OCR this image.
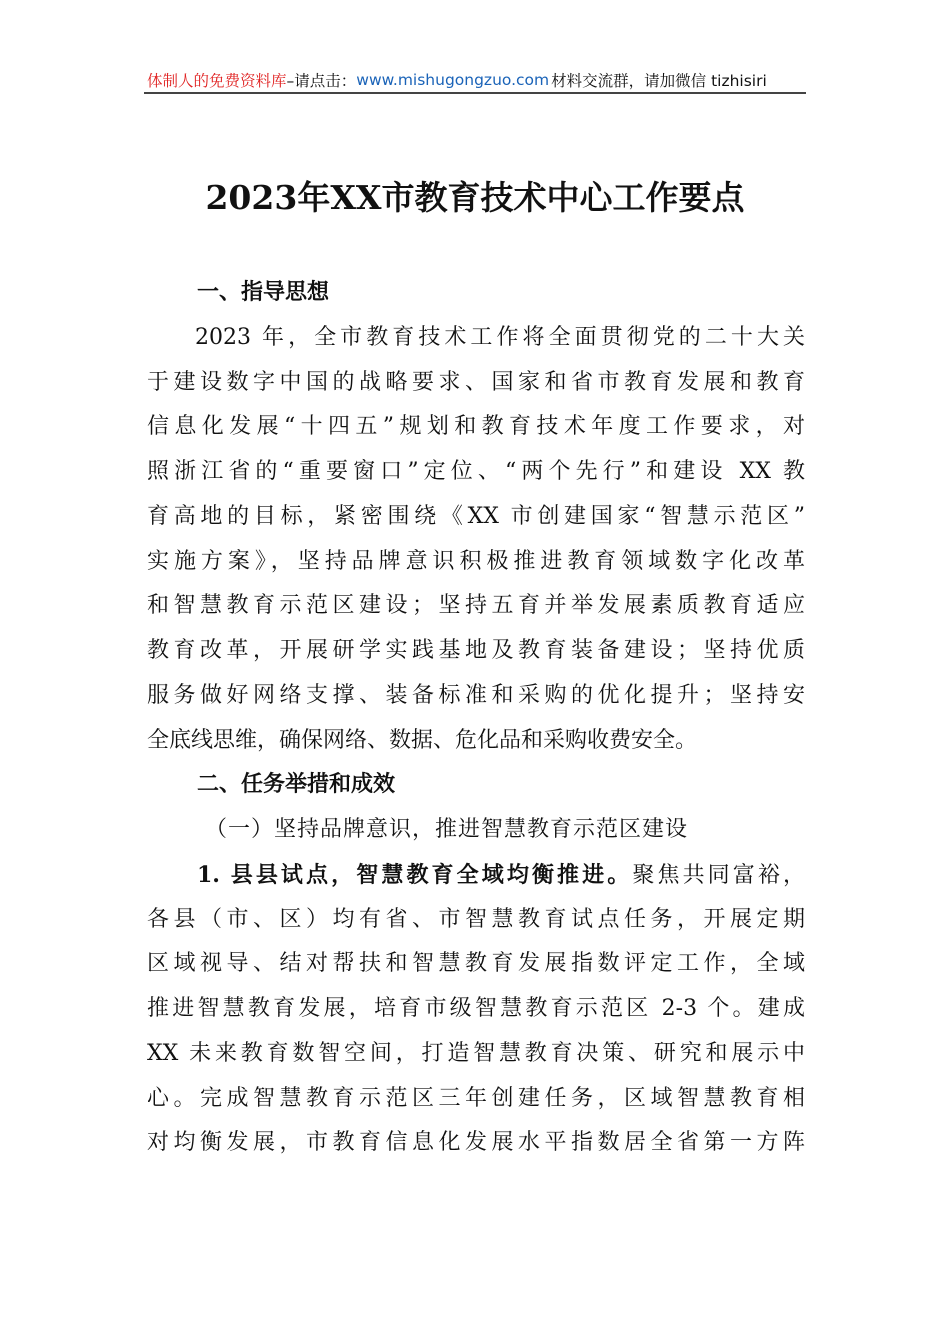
体制人的免费资料库 –请点击： www.mishugongzuo.com 材料交流群，请加微信 tizhisiri
2023年XX市教育技术中心工作要点
一、指导思想
2023 年，全市教育技术工作将全面贯彻党的二十大关
于建设数字中国的战略要求、国家和省市教育发展和教育
信息化发展“十四五”规划和教育技术年度工作要求，对
照浙江省的“重要窗口”定位、“两个先行”和建设 XX 教
育高地的目标，紧密围绕《XX 市创建国家“智慧示范区”
实施方案》，坚持品牌意识积极推进教育领域数字化改革
和智慧教育示范区建设；坚持五育并举发展素质教育适应
教育改革，开展研学实践基地及教育装备建设；坚持优质
服务做好网络支撑、装备标准和采购的优化提升；坚持安
全底线思维，确保网络、数据、危化品和采购收费安全。
二、任务举措和成效
（一）坚持品牌意识，推进智慧教育示范区建设
1. 县县试点，智慧教育全域均衡推进。聚焦共同富裕，
各县（市、区）均有省、市智慧教育试点任务，开展定期
区域视导、结对帮扶和智慧教育发展指数评定工作，全域
推进智慧教育发展，培育市级智慧教育示范区 2-3 个。建成
XX 未来教育数智空间，打造智慧教育决策、研究和展示中
心。完成智慧教育示范区三年创建任务，区域智慧教育相
对均衡发展，市教育信息化发展水平指数居全省第一方阵
